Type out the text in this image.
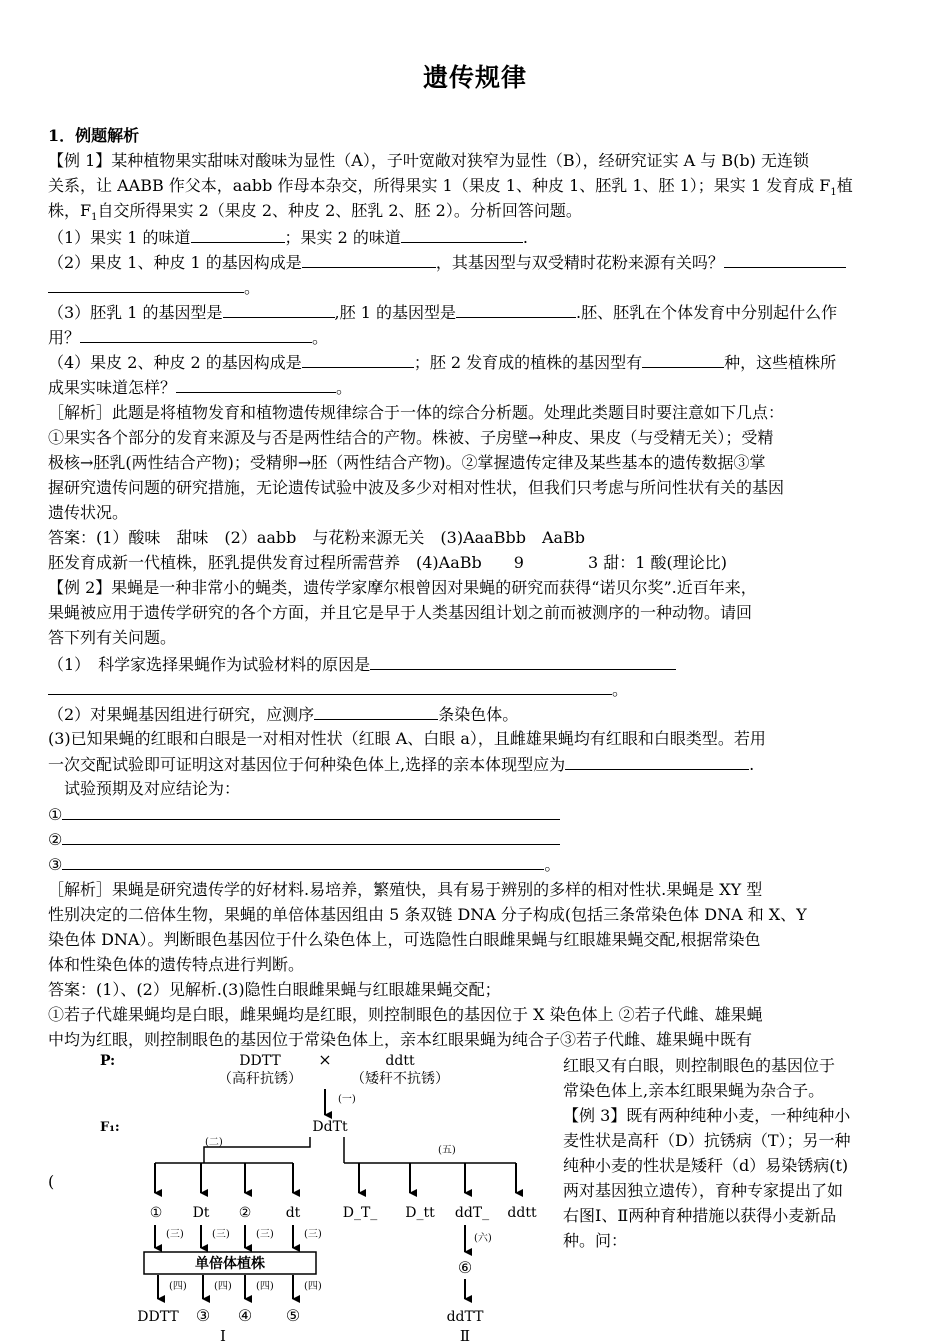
遗传规律
1．例题解析
【例 1】某种植物果实甜味对酸味为显性（A），子叶宽敞对狭窄为显性（B），经研究证实 A 与 B(b) 无连锁
关系，让 AABB 作父本，aabb 作母本杂交，所得果实 1（果皮 1、种皮 1、胚乳 1、胚 1）；果实 1 发育成 $F_1$植
株，$F_1$自交所得果实 2（果皮 2、种皮 2、胚乳 2、胚 2）。分析回答问题。
（1）果实 1 的味道	；果实 2 的味道	.
（2）果皮 1、种皮 1 的基因构成是	，其基因型与双受精时花粉来源有关吗？
。
（3）胚乳 1 的基因型是	,胚 1 的基因型是	.胚、胚乳在个体发育中分别起什么作
用？	。
（4）果皮 2、种皮 2 的基因构成是	；胚 2 发育成的植株的基因型有	种，这些植株所
成果实味道怎样？	。
［解析］此题是将植物发育和植物遗传规律综合于一体的综合分析题。处理此类题目时要注意如下几点：
①果实各个部分的发育来源及与否是两性结合的产物。株被、子房壁→种皮、果皮（与受精无关）；受精
极核→胚乳(两性结合产物)；受精卵→胚（两性结合产物)。②掌握遗传定律及某些基本的遗传数据③掌
握研究遗传问题的研究措施，无论遗传试验中波及多少对相对性状，但我们只考虑与所问性状有关的基因
遗传状况。
答案：(1）酸味　甜味　(2）aabb　与花粉来源无关　(3)AaaBbb　AaBb
胚发育成新一代植株，胚乳提供发育过程所需营养　(4)AaBb　　9　　　　3 甜：1 酸(理论比)
【例 2】果蝇是一种非常小的蝇类，遗传学家摩尔根曾因对果蝇的研究而获得“诺贝尔奖”.近百年来，
果蝇被应用于遗传学研究的各个方面，并且它是早于人类基因组计划之前而被测序的一种动物。请回
答下列有关问题。
（1）　科学家选择果蝇作为试验材料的原因是
。
（2）对果蝇基因组进行研究，应测序	条染色体。
(3)已知果蝇的红眼和白眼是一对相对性状（红眼 A、白眼 a），且雌雄果蝇均有红眼和白眼类型。若用
一次交配试验即可证明这对基因位于何种染色体上,选择的亲本体现型应为	.
　试验预期及对应结论为：
①
②
③	。
［解析］果蝇是研究遗传学的好材料.易培养，繁殖快，具有易于辨别的多样的相对性状.果蝇是 XY 型
性别决定的二倍体生物，果蝇的单倍体基因组由 5 条双链 DNA 分子构成(包括三条常染色体 DNA 和 X、Y
染色体 DNA）。判断眼色基因位于什么染色体上，可选隐性白眼雌果蝇与红眼雄果蝇交配,根据常染色
体和性染色体的遗传特点进行判断。
答案：(1）、(2）见解析.(3)隐性白眼雌果蝇与红眼雄果蝇交配；
①若子代雄果蝇均是白眼，雌果蝇均是红眼，则控制眼色的基因位于 X 染色体上 ②若子代雌、雄果蝇
中均为红眼，则控制眼色的基因位于常染色体上，亲本红眼果蝇为纯合子③若子代雌、雄果蝇中既有
红眼又有白眼，则控制眼色的基因位于
常染色体上,亲本红眼果蝇为杂合子。
【例 3】既有两种纯种小麦，一种纯种小
麦性状是高秆（D）抗锈病（T）；另一种
纯种小麦的性状是矮秆（d）易染锈病(t)
两对基因独立遗传），育种专家提出了如
右图Ⅰ、Ⅱ两种育种措施以获得小麦新品
种。问：
(
P:	DDTT
（高秆抗锈）
×	ddtt
（矮秆不抗锈）
(一)
F₁:	DdTt
(二)
(五)
① Dt ② dt	D_T_ D_tt ddT_ ddtt
(三)	(三)	(三)	(三)	(六)
单倍体植株	⑥
(四)	(四) (四)	(四)
DDTT ③ ④ ⑤	ddTT
Ⅰ	Ⅱ
